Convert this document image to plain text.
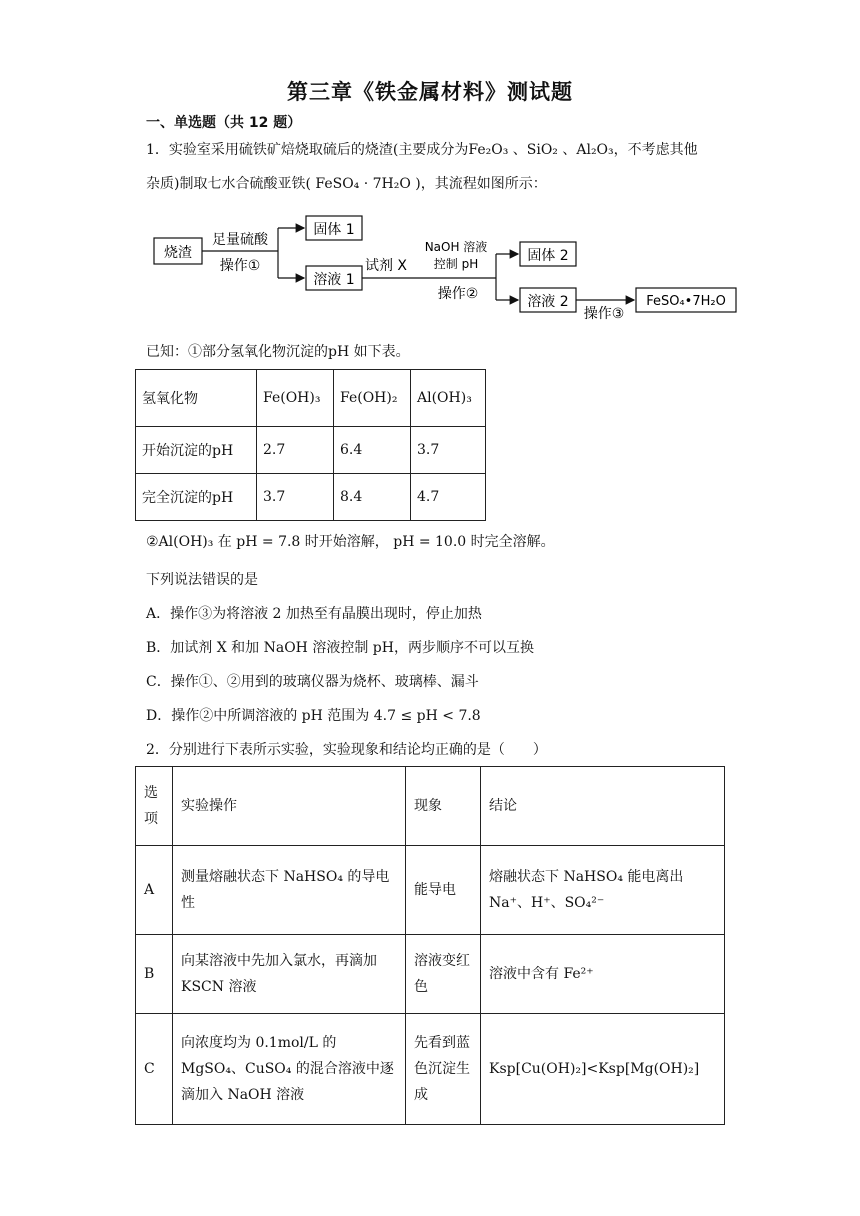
第三章《铁金属材料》测试题
一、单选题（共 12 题）
1．实验室采用硫铁矿焙烧取硫后的烧渣(主要成分为Fe₂O₃ 、SiO₂ 、Al₂O₃，不考虑其他
杂质)制取七水合硫酸亚铁( FeSO₄ · 7H₂O )，其流程如图所示：
烧渣
足量硫酸
操作①
固体 1
溶液 1
试剂 X
NaOH 溶液
控制 pH
操作②
固体 2
溶液 2
操作③
FeSO₄•7H₂O
已知：①部分氢氧化物沉淀的pH 如下表。
氢氧化物	Fe(OH)₃	Fe(OH)₂	Al(OH)₃
开始沉淀的pH	2.7	6.4	3.7
完全沉淀的pH	3.7	8.4	4.7
②Al(OH)₃ 在 pH = 7.8 时开始溶解， pH = 10.0 时完全溶解。
下列说法错误的是
A．操作③为将溶液 2 加热至有晶膜出现时，停止加热
B．加试剂 X 和加 NaOH 溶液控制 pH，两步顺序不可以互换
C．操作①、②用到的玻璃仪器为烧杯、玻璃棒、漏斗
D．操作②中所调溶液的 pH 范围为 4.7 ≤ pH < 7.8
2．分别进行下表所示实验，实验现象和结论均正确的是（　　）
选项	实验操作	现象	结论
A	测量熔融状态下 NaHSO₄ 的导电性	能导电	熔融状态下 NaHSO₄ 能电离出 Na⁺、H⁺、SO₄²⁻
B	向某溶液中先加入氯水，再滴加 KSCN 溶液	溶液变红色	溶液中含有 Fe²⁺
C	向浓度均为 0.1mol/L 的 MgSO₄、CuSO₄ 的混合溶液中逐滴加入 NaOH 溶液	先看到蓝色沉淀生成	Ksp[Cu(OH)₂]<Ksp[Mg(OH)₂]
